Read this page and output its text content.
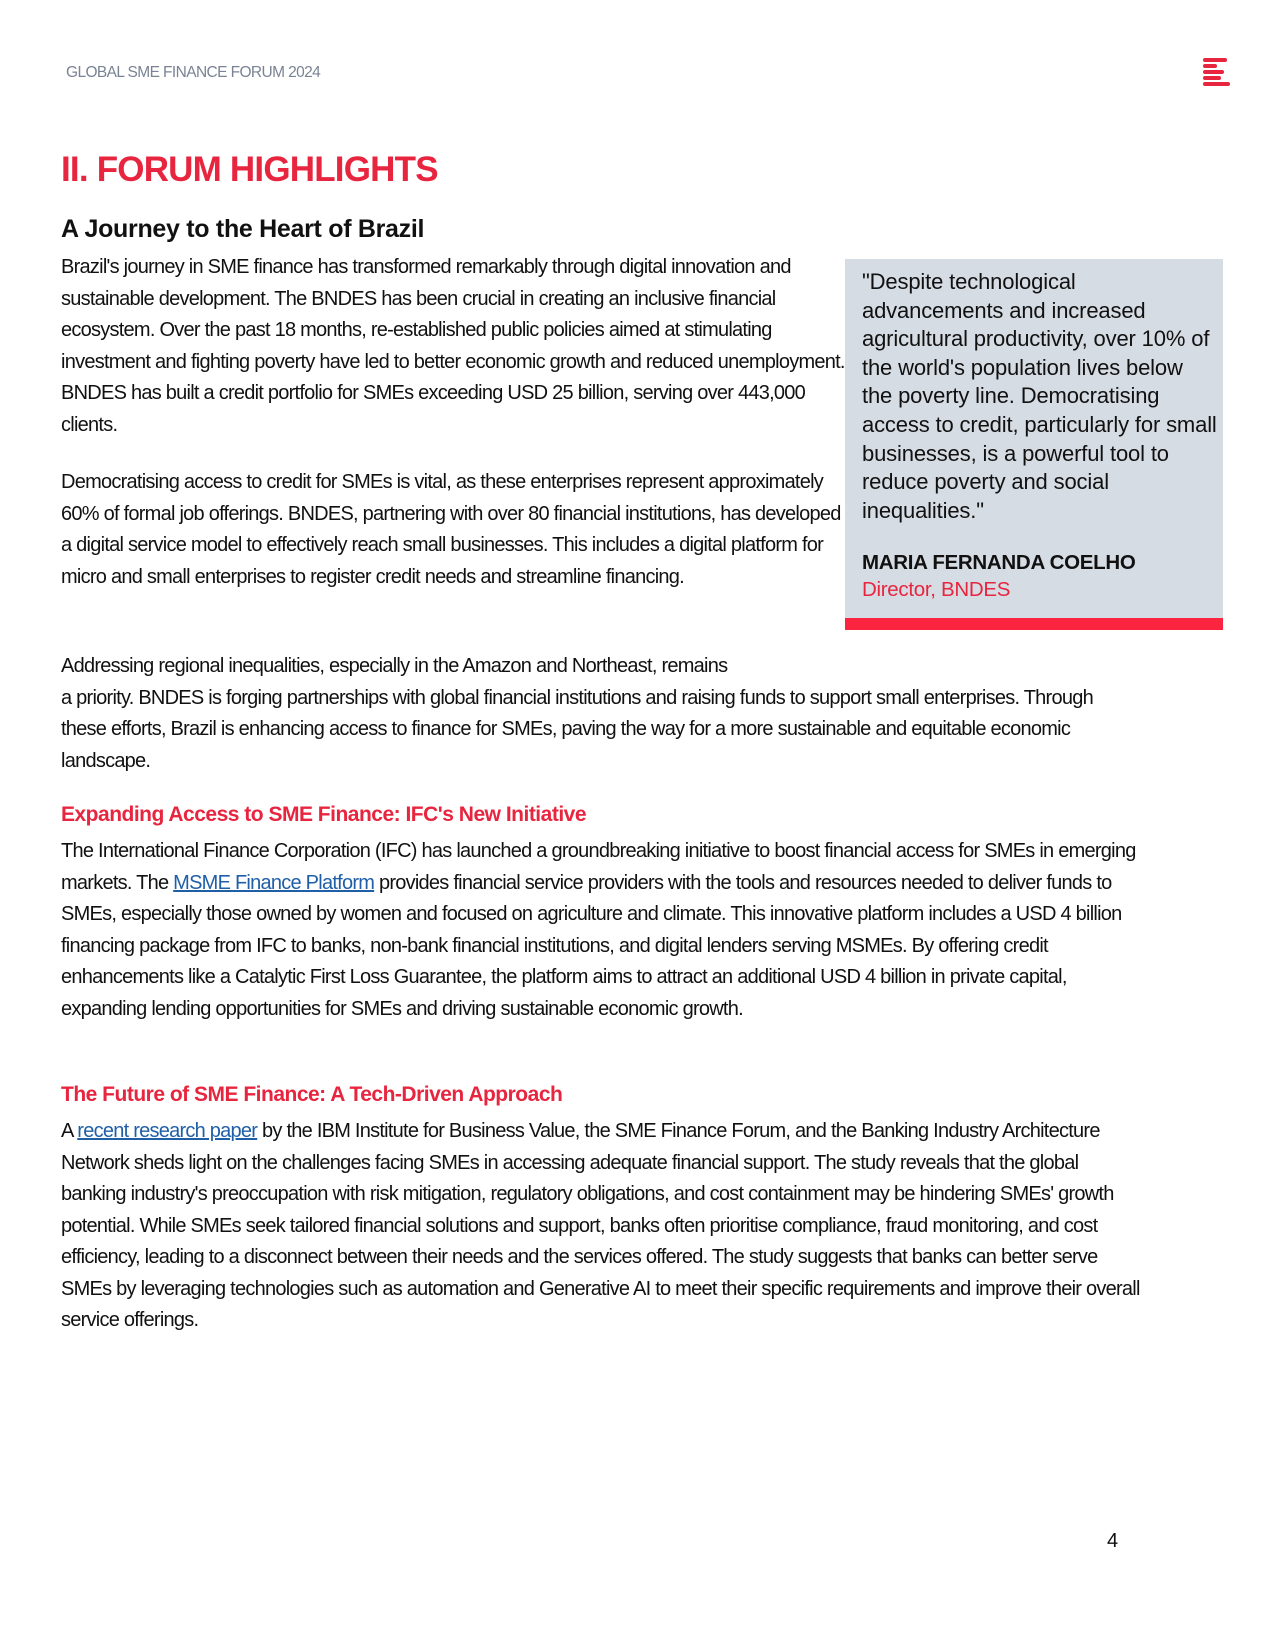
GLOBAL SME FINANCE FORUM 2024
II. FORUM HIGHLIGHTS
A Journey to the Heart of Brazil

Brazil's journey in SME finance has transformed remarkably through digital innovation and sustainable development. The BNDES has been crucial in creating an inclusive financial ecosystem. Over the past 18 months, re-established public policies aimed at stimulating investment and fighting poverty have led to better economic growth and reduced unemployment. BNDES has built a credit portfolio for SMEs exceeding USD 25 billion, serving over 443,000 clients.

Democratising access to credit for SMEs is vital, as these enterprises represent approximately 60% of formal job offerings. BNDES, partnering with over 80 financial institutions, has developed a digital service model to effectively reach small businesses. This includes a digital platform for micro and small enterprises to register credit needs and streamline financing.

Addressing regional inequalities, especially in the Amazon and Northeast, remains
a priority. BNDES is forging partnerships with global financial institutions and raising funds to support small enterprises. Through these efforts, Brazil is enhancing access to finance for SMEs, paving the way for a more sustainable and equitable economic landscape.

"Despite technological advancements and increased agricultural productivity, over 10% of the world's population lives below the poverty line. Democratising access to credit, particularly for small businesses, is a powerful tool to reduce poverty and social inequalities."
MARIA FERNANDA COELHO
Director, BNDES
Expanding Access to SME Finance: IFC's New Initiative

The International Finance Corporation (IFC) has launched a groundbreaking initiative to boost financial access for SMEs in emerging markets. The MSME Finance Platform provides financial service providers with the tools and resources needed to deliver funds to SMEs, especially those owned by women and focused on agriculture and climate. This innovative platform includes a USD 4 billion financing package from IFC to banks, non-bank financial institutions, and digital lenders serving MSMEs. By offering credit enhancements like a Catalytic First Loss Guarantee, the platform aims to attract an additional USD 4 billion in private capital, expanding lending opportunities for SMEs and driving sustainable economic growth.

The Future of SME Finance: A Tech-Driven Approach

A recent research paper by the IBM Institute for Business Value, the SME Finance Forum, and the Banking Industry Architecture Network sheds light on the challenges facing SMEs in accessing adequate financial support. The study reveals that the global banking industry's preoccupation with risk mitigation, regulatory obligations, and cost containment may be hindering SMEs' growth potential. While SMEs seek tailored financial solutions and support, banks often prioritise compliance, fraud monitoring, and cost efficiency, leading to a disconnect between their needs and the services offered. The study suggests that banks can better serve SMEs by leveraging technologies such as automation and Generative AI to meet their specific requirements and improve their overall service offerings.

4
